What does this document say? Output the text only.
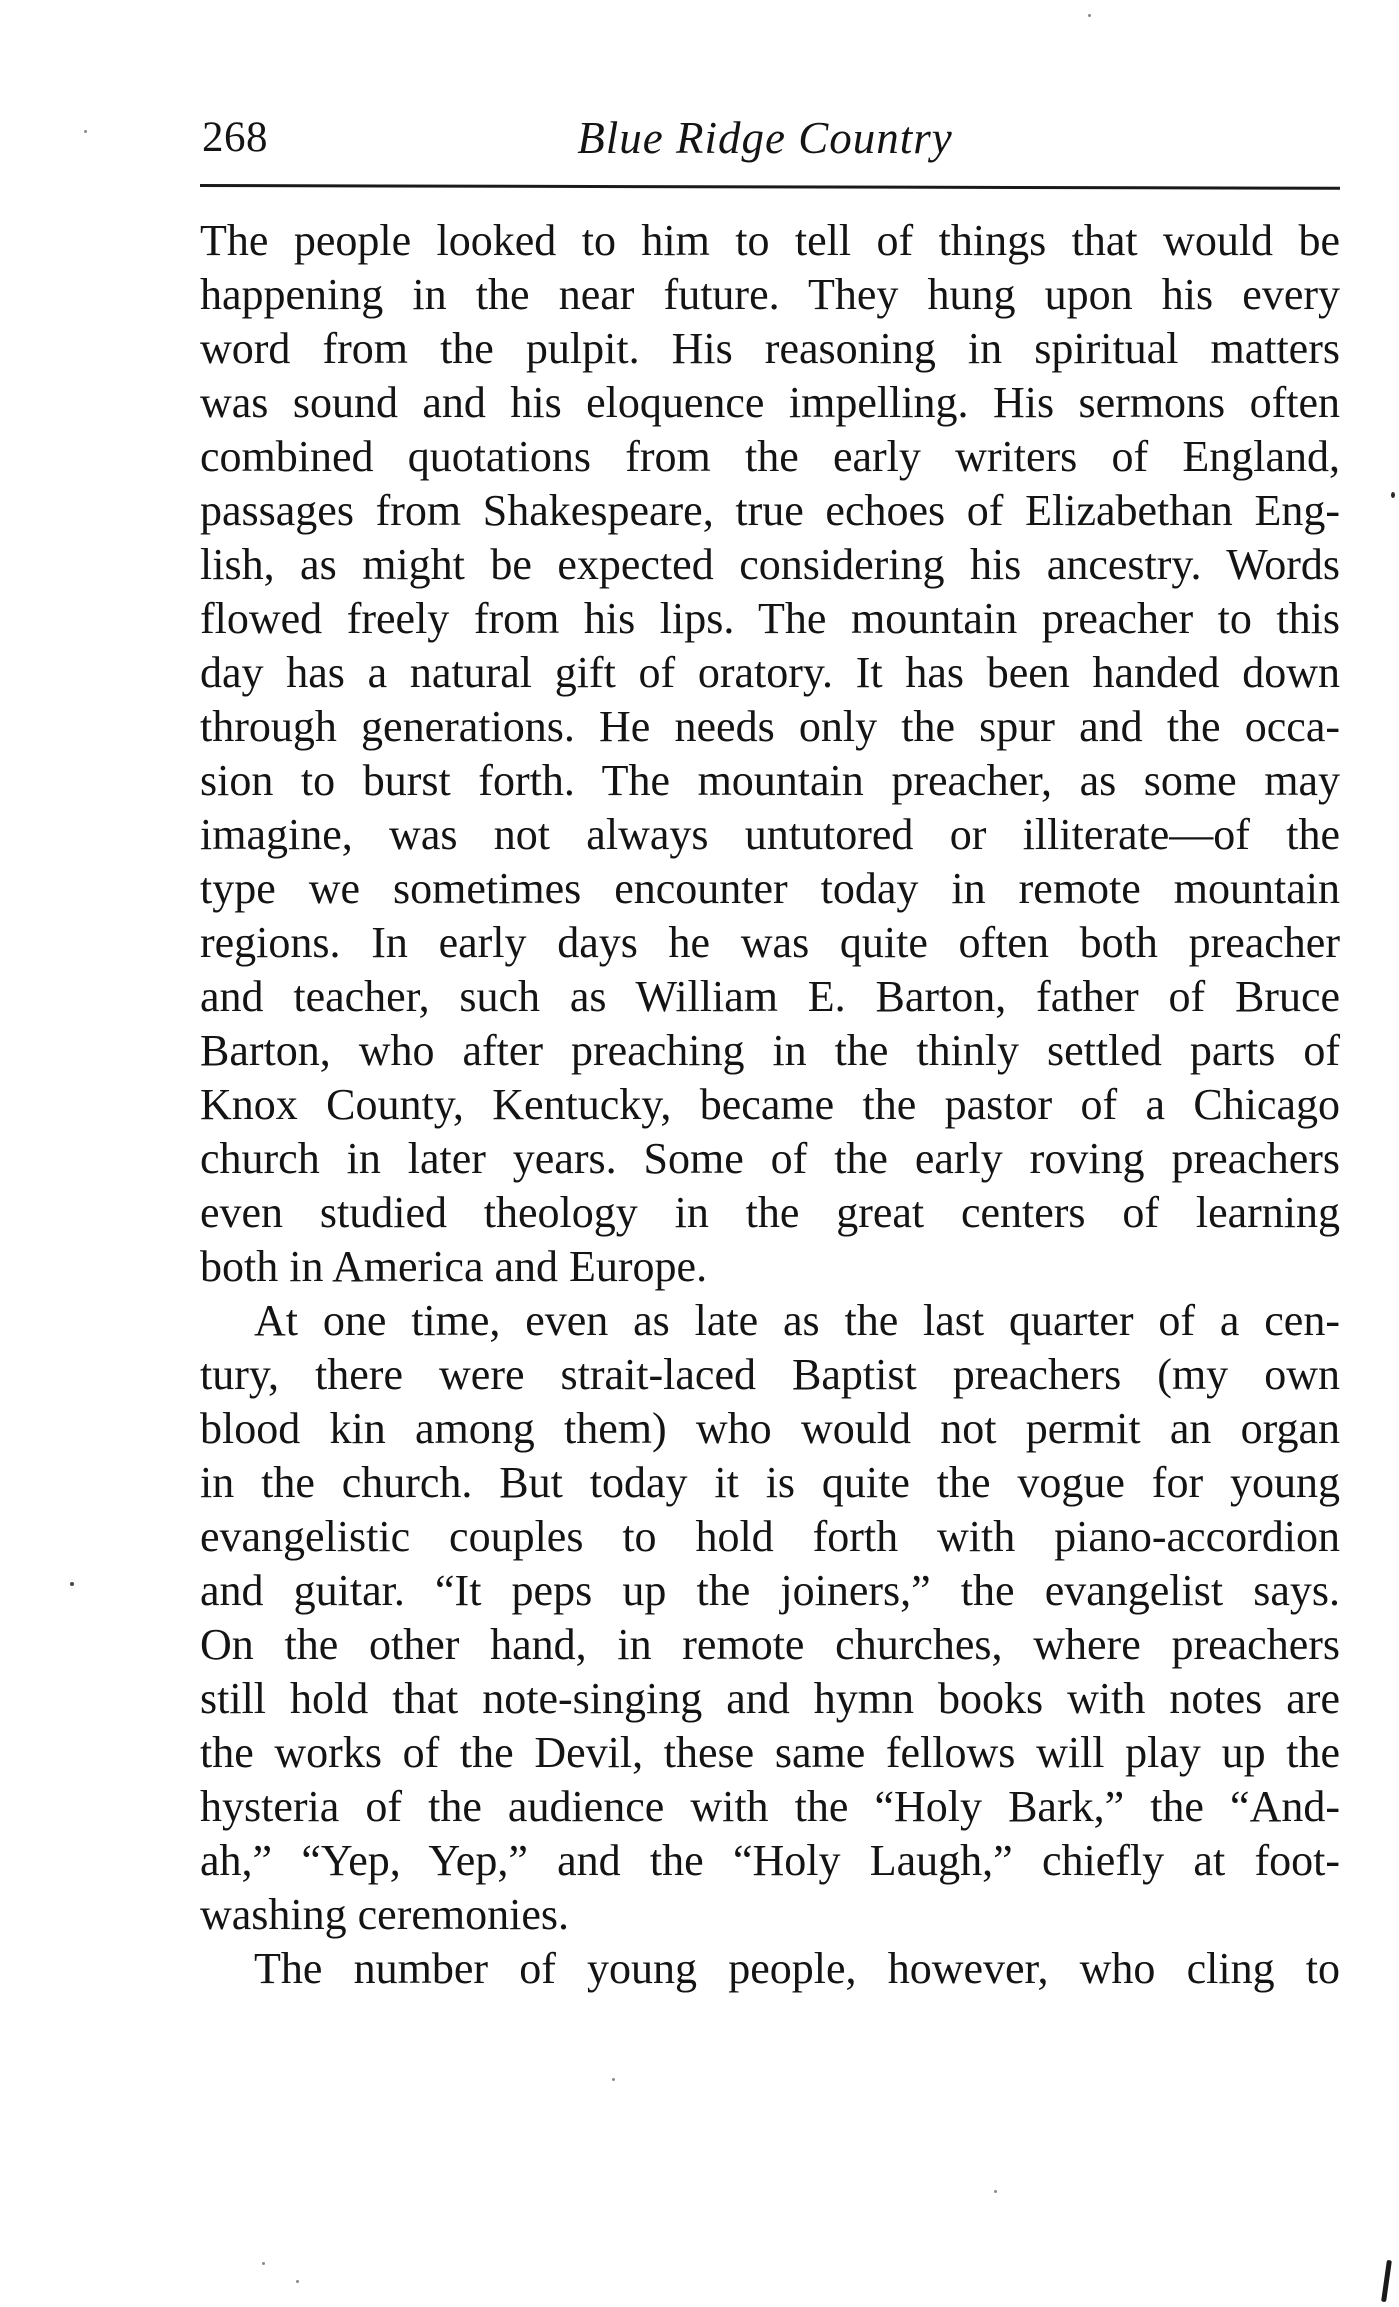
268	Blue Ridge Country
The people looked to him to tell of things that would be
happening in the near future. They hung upon his every
word from the pulpit. His reasoning in spiritual matters
was sound and his eloquence impelling. His sermons often
combined quotations from the early writers of England,
passages from Shakespeare, true echoes of Elizabethan Eng-
lish, as might be expected considering his ancestry. Words
flowed freely from his lips. The mountain preacher to this
day has a natural gift of oratory. It has been handed down
through generations. He needs only the spur and the occa-
sion to burst forth. The mountain preacher, as some may
imagine, was not always untutored or illiterate—of the
type we sometimes encounter today in remote mountain
regions. In early days he was quite often both preacher
and teacher, such as William E. Barton, father of Bruce
Barton, who after preaching in the thinly settled parts of
Knox County, Kentucky, became the pastor of a Chicago
church in later years. Some of the early roving preachers
even studied theology in the great centers of learning
both in America and Europe.
At one time, even as late as the last quarter of a cen-
tury, there were strait-laced Baptist preachers (my own
blood kin among them) who would not permit an organ
in the church. But today it is quite the vogue for young
evangelistic couples to hold forth with piano-accordion
and guitar. “It peps up the joiners,” the evangelist says.
On the other hand, in remote churches, where preachers
still hold that note-singing and hymn books with notes are
the works of the Devil, these same fellows will play up the
hysteria of the audience with the “Holy Bark,” the “And-
ah,” “Yep, Yep,” and the “Holy Laugh,” chiefly at foot-
washing ceremonies.
The number of young people, however, who cling to
